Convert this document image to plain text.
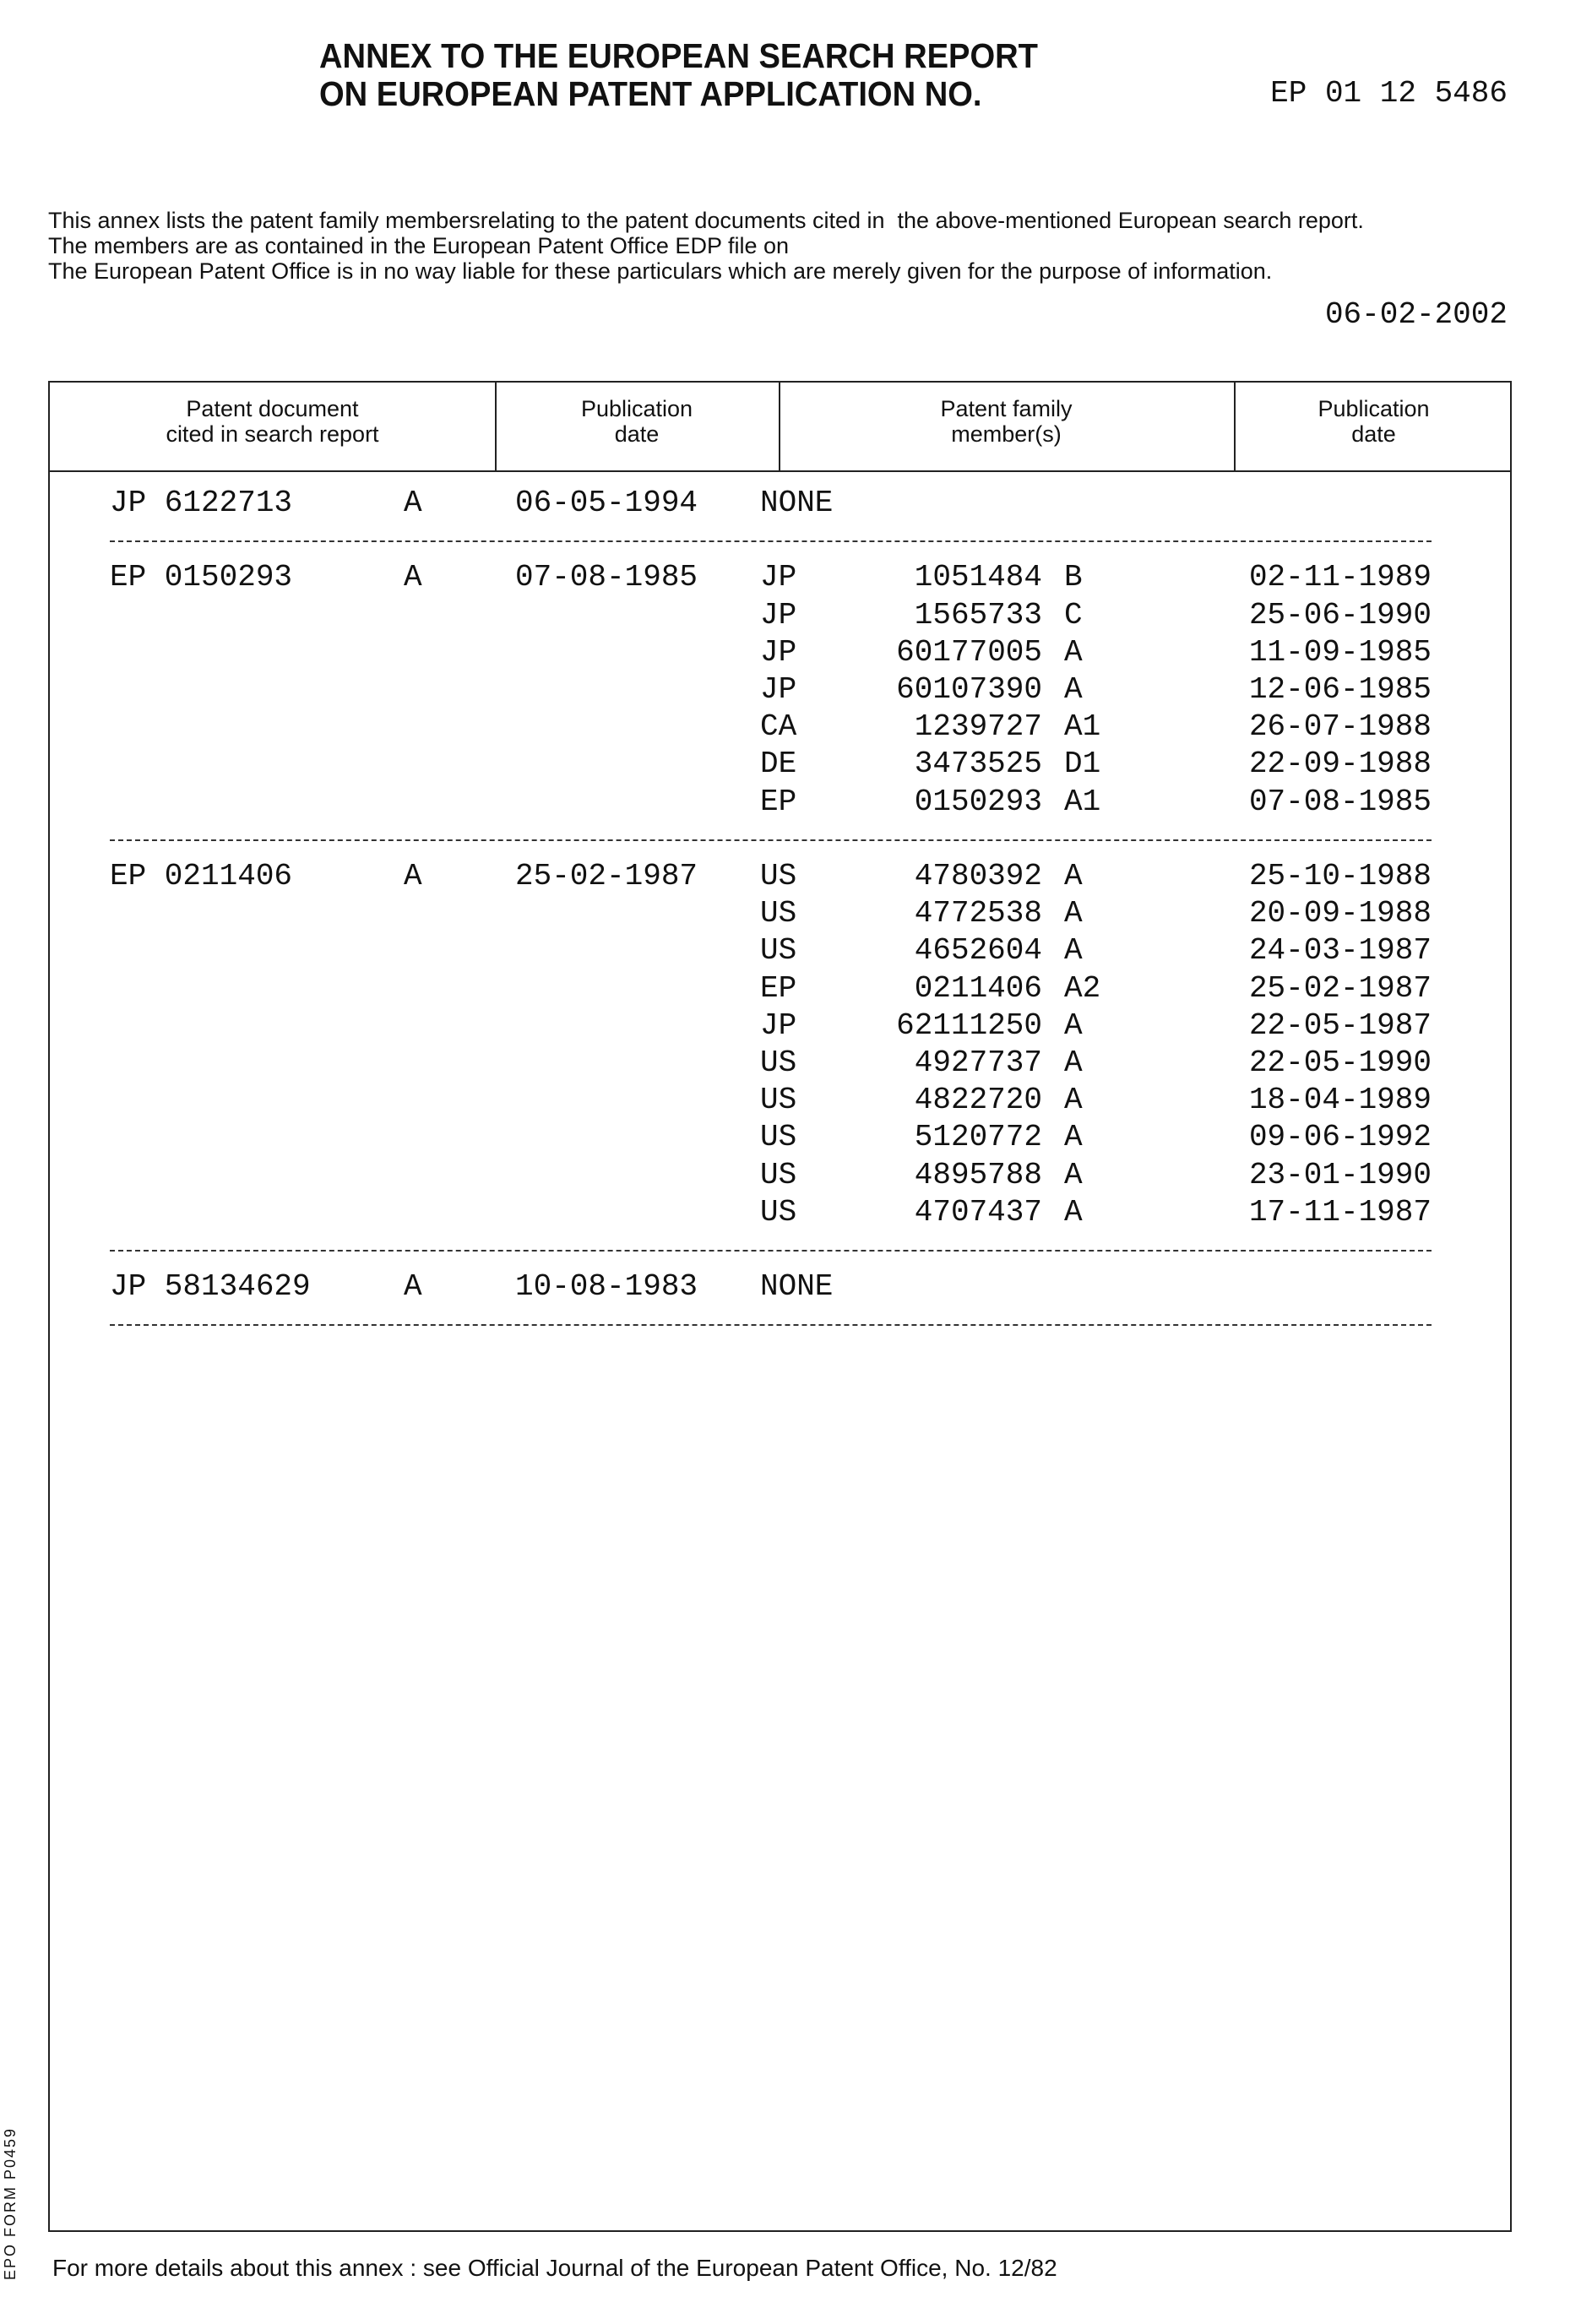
ANNEX TO THE EUROPEAN SEARCH REPORT
ON EUROPEAN PATENT APPLICATION NO.	EP 01 12 5486
This annex lists the patent family membersrelating to the patent documents cited in  the above-mentioned European search report.
The members are as contained in the European Patent Office EDP file on
The European Patent Office is in no way liable for these particulars which are merely given for the purpose of information.
06-02-2002
Patent document
cited in search report
Publication
date
Patent family
member(s)
Publication
date
JP 6122713	A	06-05-1994 NONE
EP 0150293	A	07-08-1985 JP	1051484 B	02-11-1989
JP	1565733 C	25-06-1990
JP	60177005 A	11-09-1985
JP	60107390 A	12-06-1985
CA	1239727 A1	26-07-1988
DE	3473525 D1	22-09-1988
EP	0150293 A1	07-08-1985
EP 0211406	A	25-02-1987 US	4780392 A	25-10-1988
US	4772538 A	20-09-1988
US	4652604 A	24-03-1987
EP	0211406 A2	25-02-1987
JP	62111250 A	22-05-1987
US	4927737 A	22-05-1990
US	4822720 A	18-04-1989
US	5120772 A	09-06-1992
US	4895788 A	23-01-1990
US	4707437 A	17-11-1987
JP 58134629	A	10-08-1983 NONE
EPO FORM P0459 For more details about this annex : see Official Journal of the European Patent Office, No. 12/82
